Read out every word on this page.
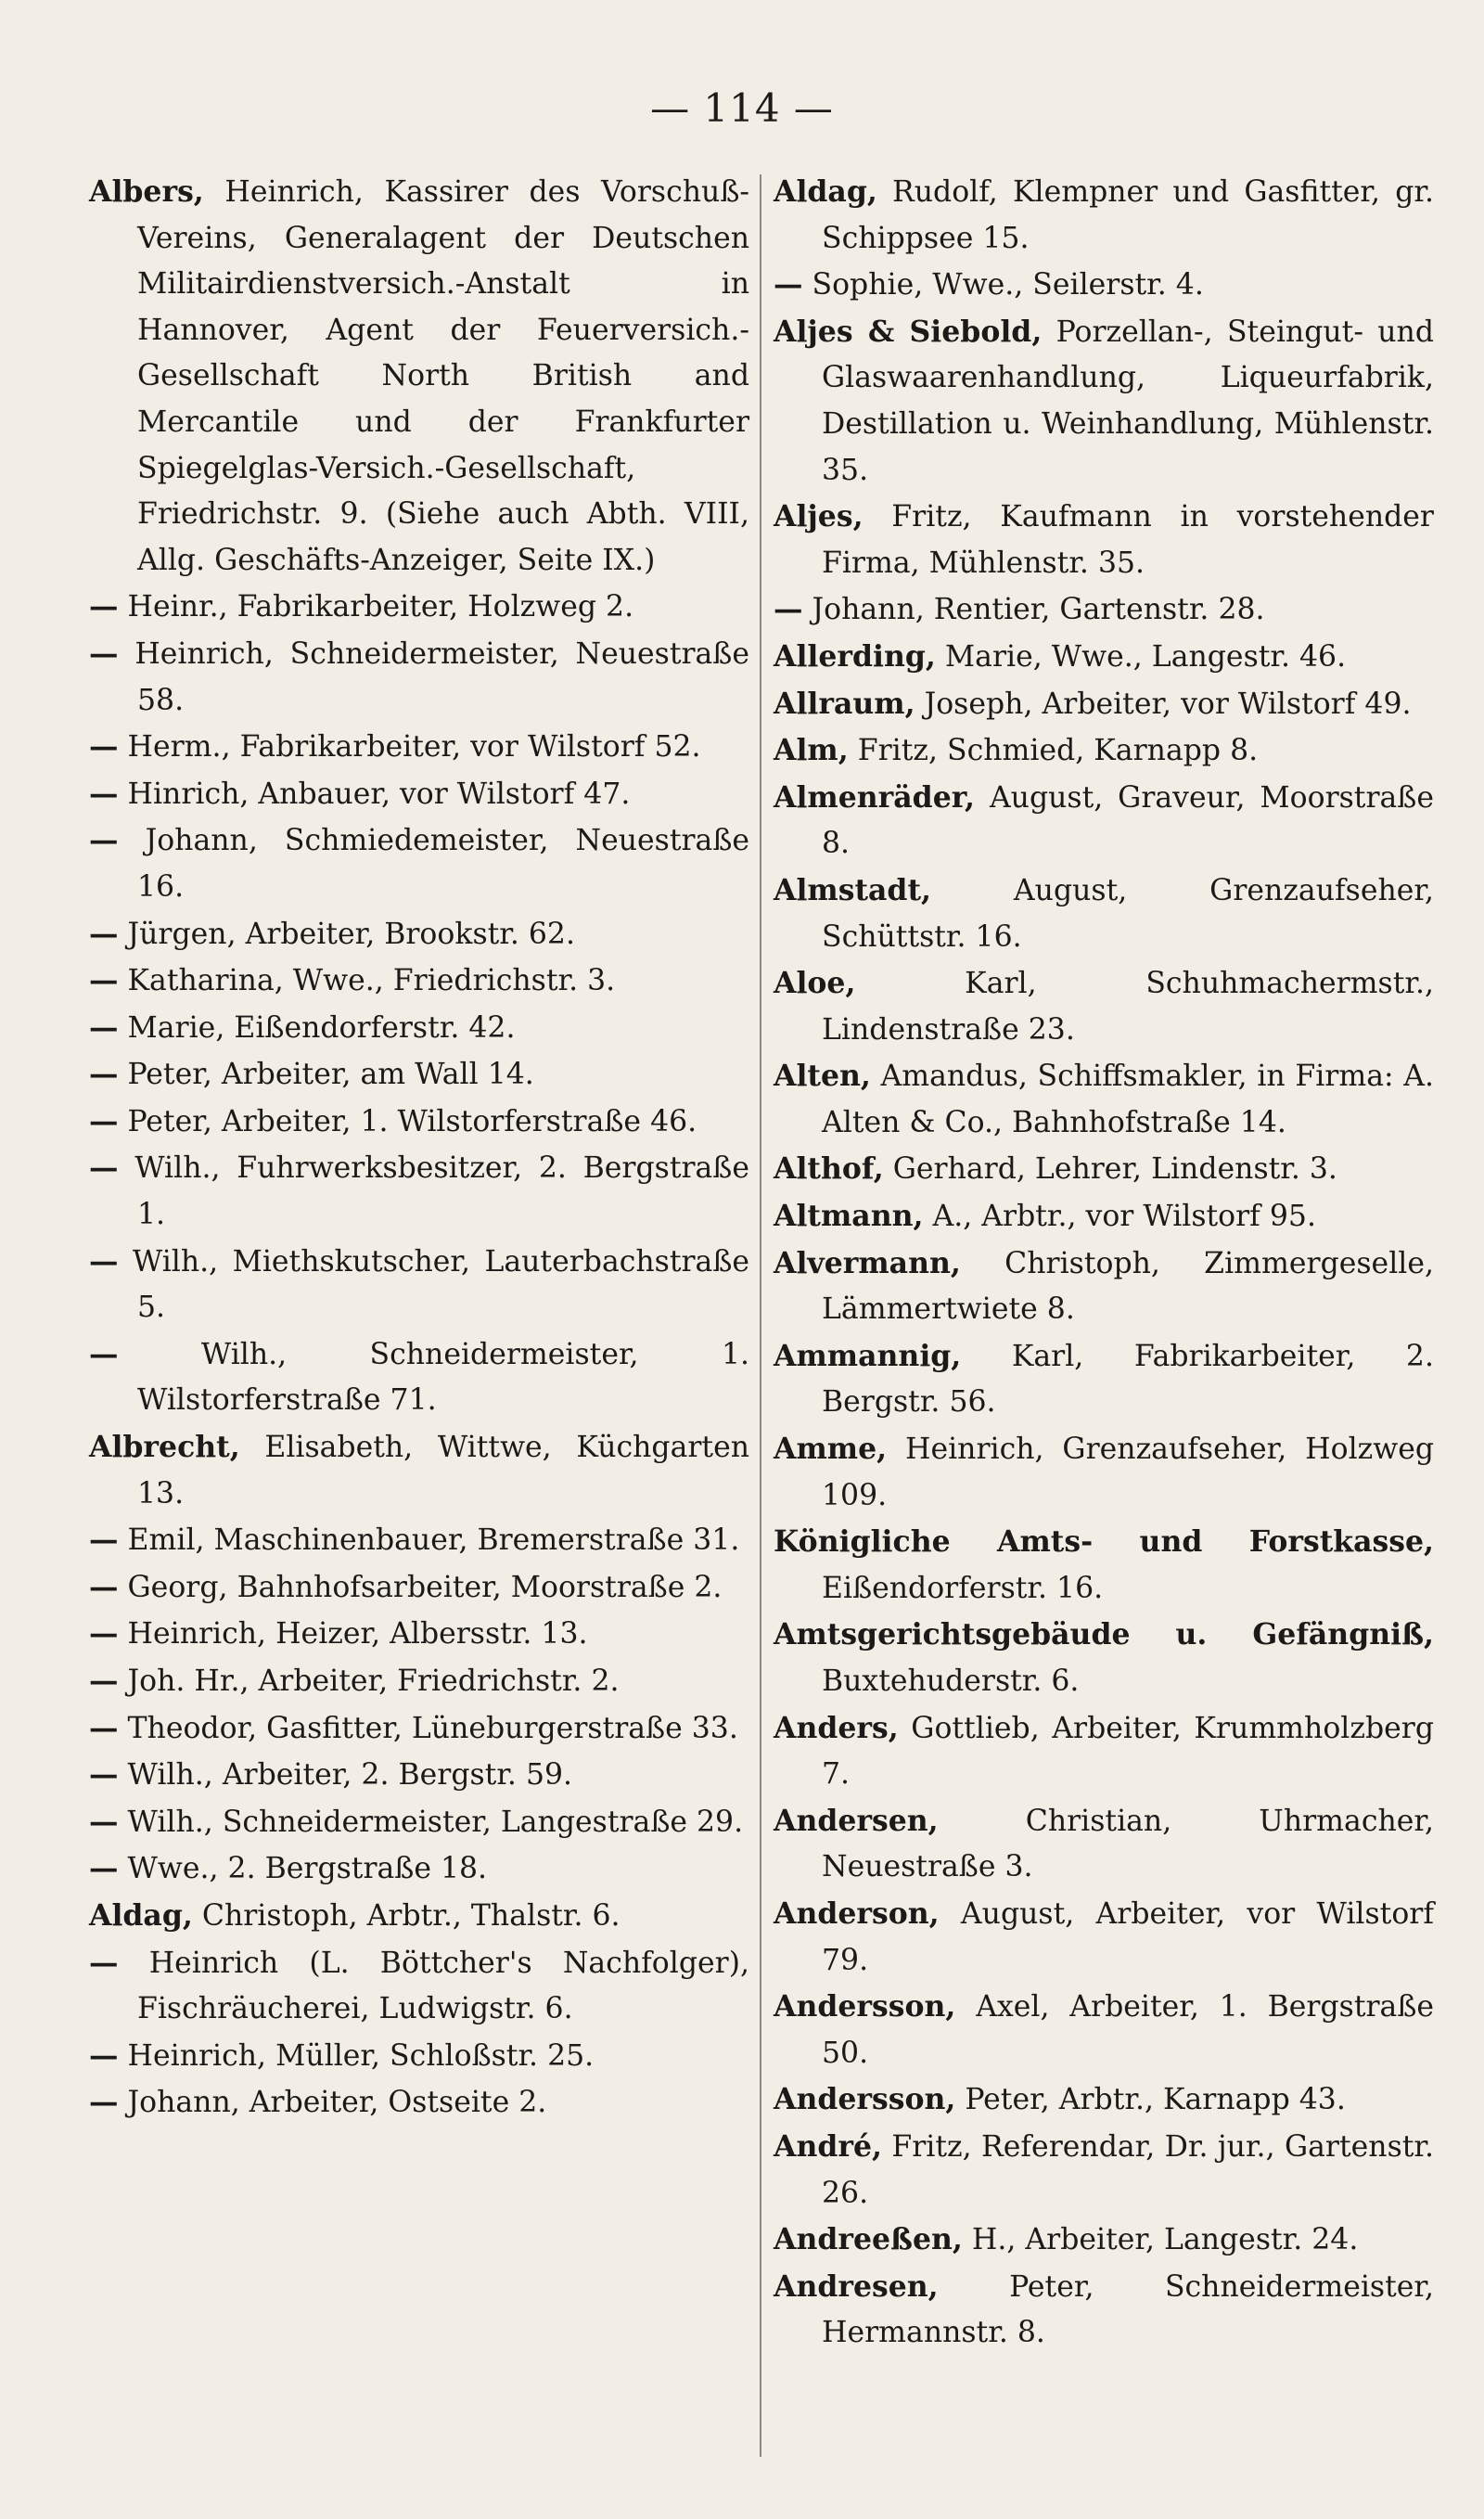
— 114 —
Albers, Heinrich, Kassirer des Vorschuß-Vereins, Generalagent der Deutschen Militairdienstversich.-Anstalt in Hannover, Agent der Feuerversich.-Gesellschaft North British and Mercantile und der Frankfurter Spiegelglas-Versich.-Gesellschaft, Friedrichstr. 9. (Siehe auch Abth. VIII, Allg. Geschäfts-Anzeiger, Seite IX.)
— Heinr., Fabrikarbeiter, Holzweg 2.
— Heinrich, Schneidermeister, Neuestraße 58.
— Herm., Fabrikarbeiter, vor Wilstorf 52.
— Hinrich, Anbauer, vor Wilstorf 47.
— Johann, Schmiedemeister, Neuestraße 16.
— Jürgen, Arbeiter, Brookstr. 62.
— Katharina, Wwe., Friedrichstr. 3.
— Marie, Eißendorferstr. 42.
— Peter, Arbeiter, am Wall 14.
— Peter, Arbeiter, 1. Wilstorferstraße 46.
— Wilh., Fuhrwerksbesitzer, 2. Bergstraße 1.
— Wilh., Miethskutscher, Lauterbachstraße 5.
—	Wilh., Schneidermeister, 1. Wilstorferstraße 71.
Albrecht, Elisabeth, Wittwe, Küchgarten 13.
— Emil, Maschinenbauer, Bremerstraße 31.
— Georg, Bahnhofsarbeiter, Moorstraße 2.
— Heinrich, Heizer, Albersstr. 13.
— Joh. Hr., Arbeiter, Friedrichstr. 2.
— Theodor, Gasfitter, Lüneburgerstraße 33.
— Wilh., Arbeiter, 2. Bergstr. 59.
— Wilh., Schneidermeister, Langestraße 29.
— Wwe., 2. Bergstraße 18.
Aldag, Christoph, Arbtr., Thalstr. 6.
— Heinrich (L. Böttcher's Nachfolger), Fischräucherei, Ludwigstr. 6.
— Heinrich, Müller, Schloßstr. 25.
— Johann, Arbeiter, Ostseite 2.
Aldag, Rudolf, Klempner und Gasfitter, gr. Schippsee 15.
— Sophie, Wwe., Seilerstr. 4.
Aljes & Siebold, Porzellan-, Steingut- und Glaswaarenhandlung, Liqueurfabrik, Destillation u. Weinhandlung, Mühlenstr. 35.
Aljes, Fritz, Kaufmann in vorstehender Firma, Mühlenstr. 35.
— Johann, Rentier, Gartenstr. 28.
Allerding, Marie, Wwe., Langestr. 46.
Allraum, Joseph, Arbeiter, vor Wilstorf 49.
Alm, Fritz, Schmied, Karnapp 8.
Almenräder, August, Graveur, Moorstraße 8.
Almstadt,	August, Grenzaufseher, Schüttstr. 16.
Aloe,	Karl, Schuhmachermstr., Lindenstraße 23.
Alten, Amandus, Schiffsmakler, in Firma: A. Alten & Co., Bahnhofstraße 14.
Althof, Gerhard, Lehrer, Lindenstr. 3.
Altmann, A., Arbtr., vor Wilstorf 95.
Alvermann, Christoph, Zimmergeselle, Lämmertwiete 8.
Ammannig, Karl, Fabrikarbeiter, 2. Bergstr. 56.
Amme, Heinrich, Grenzaufseher, Holzweg 109.
Königliche Amts- und Forstkasse, Eißendorferstr. 16.
Amtsgerichtsgebäude u. Gefängniß, Buxtehuderstr. 6.
Anders, Gottlieb, Arbeiter, Krummholzberg 7.
Andersen,	Christian, Uhrmacher, Neuestraße 3.
Anderson, August, Arbeiter, vor Wilstorf 79.
Andersson, Axel, Arbeiter, 1. Bergstraße 50.
Andersson, Peter, Arbtr., Karnapp 43.
André, Fritz, Referendar, Dr. jur., Gartenstr. 26.
Andreeßen, H., Arbeiter, Langestr. 24.
Andresen, Peter, Schneidermeister, Hermannstr. 8.
